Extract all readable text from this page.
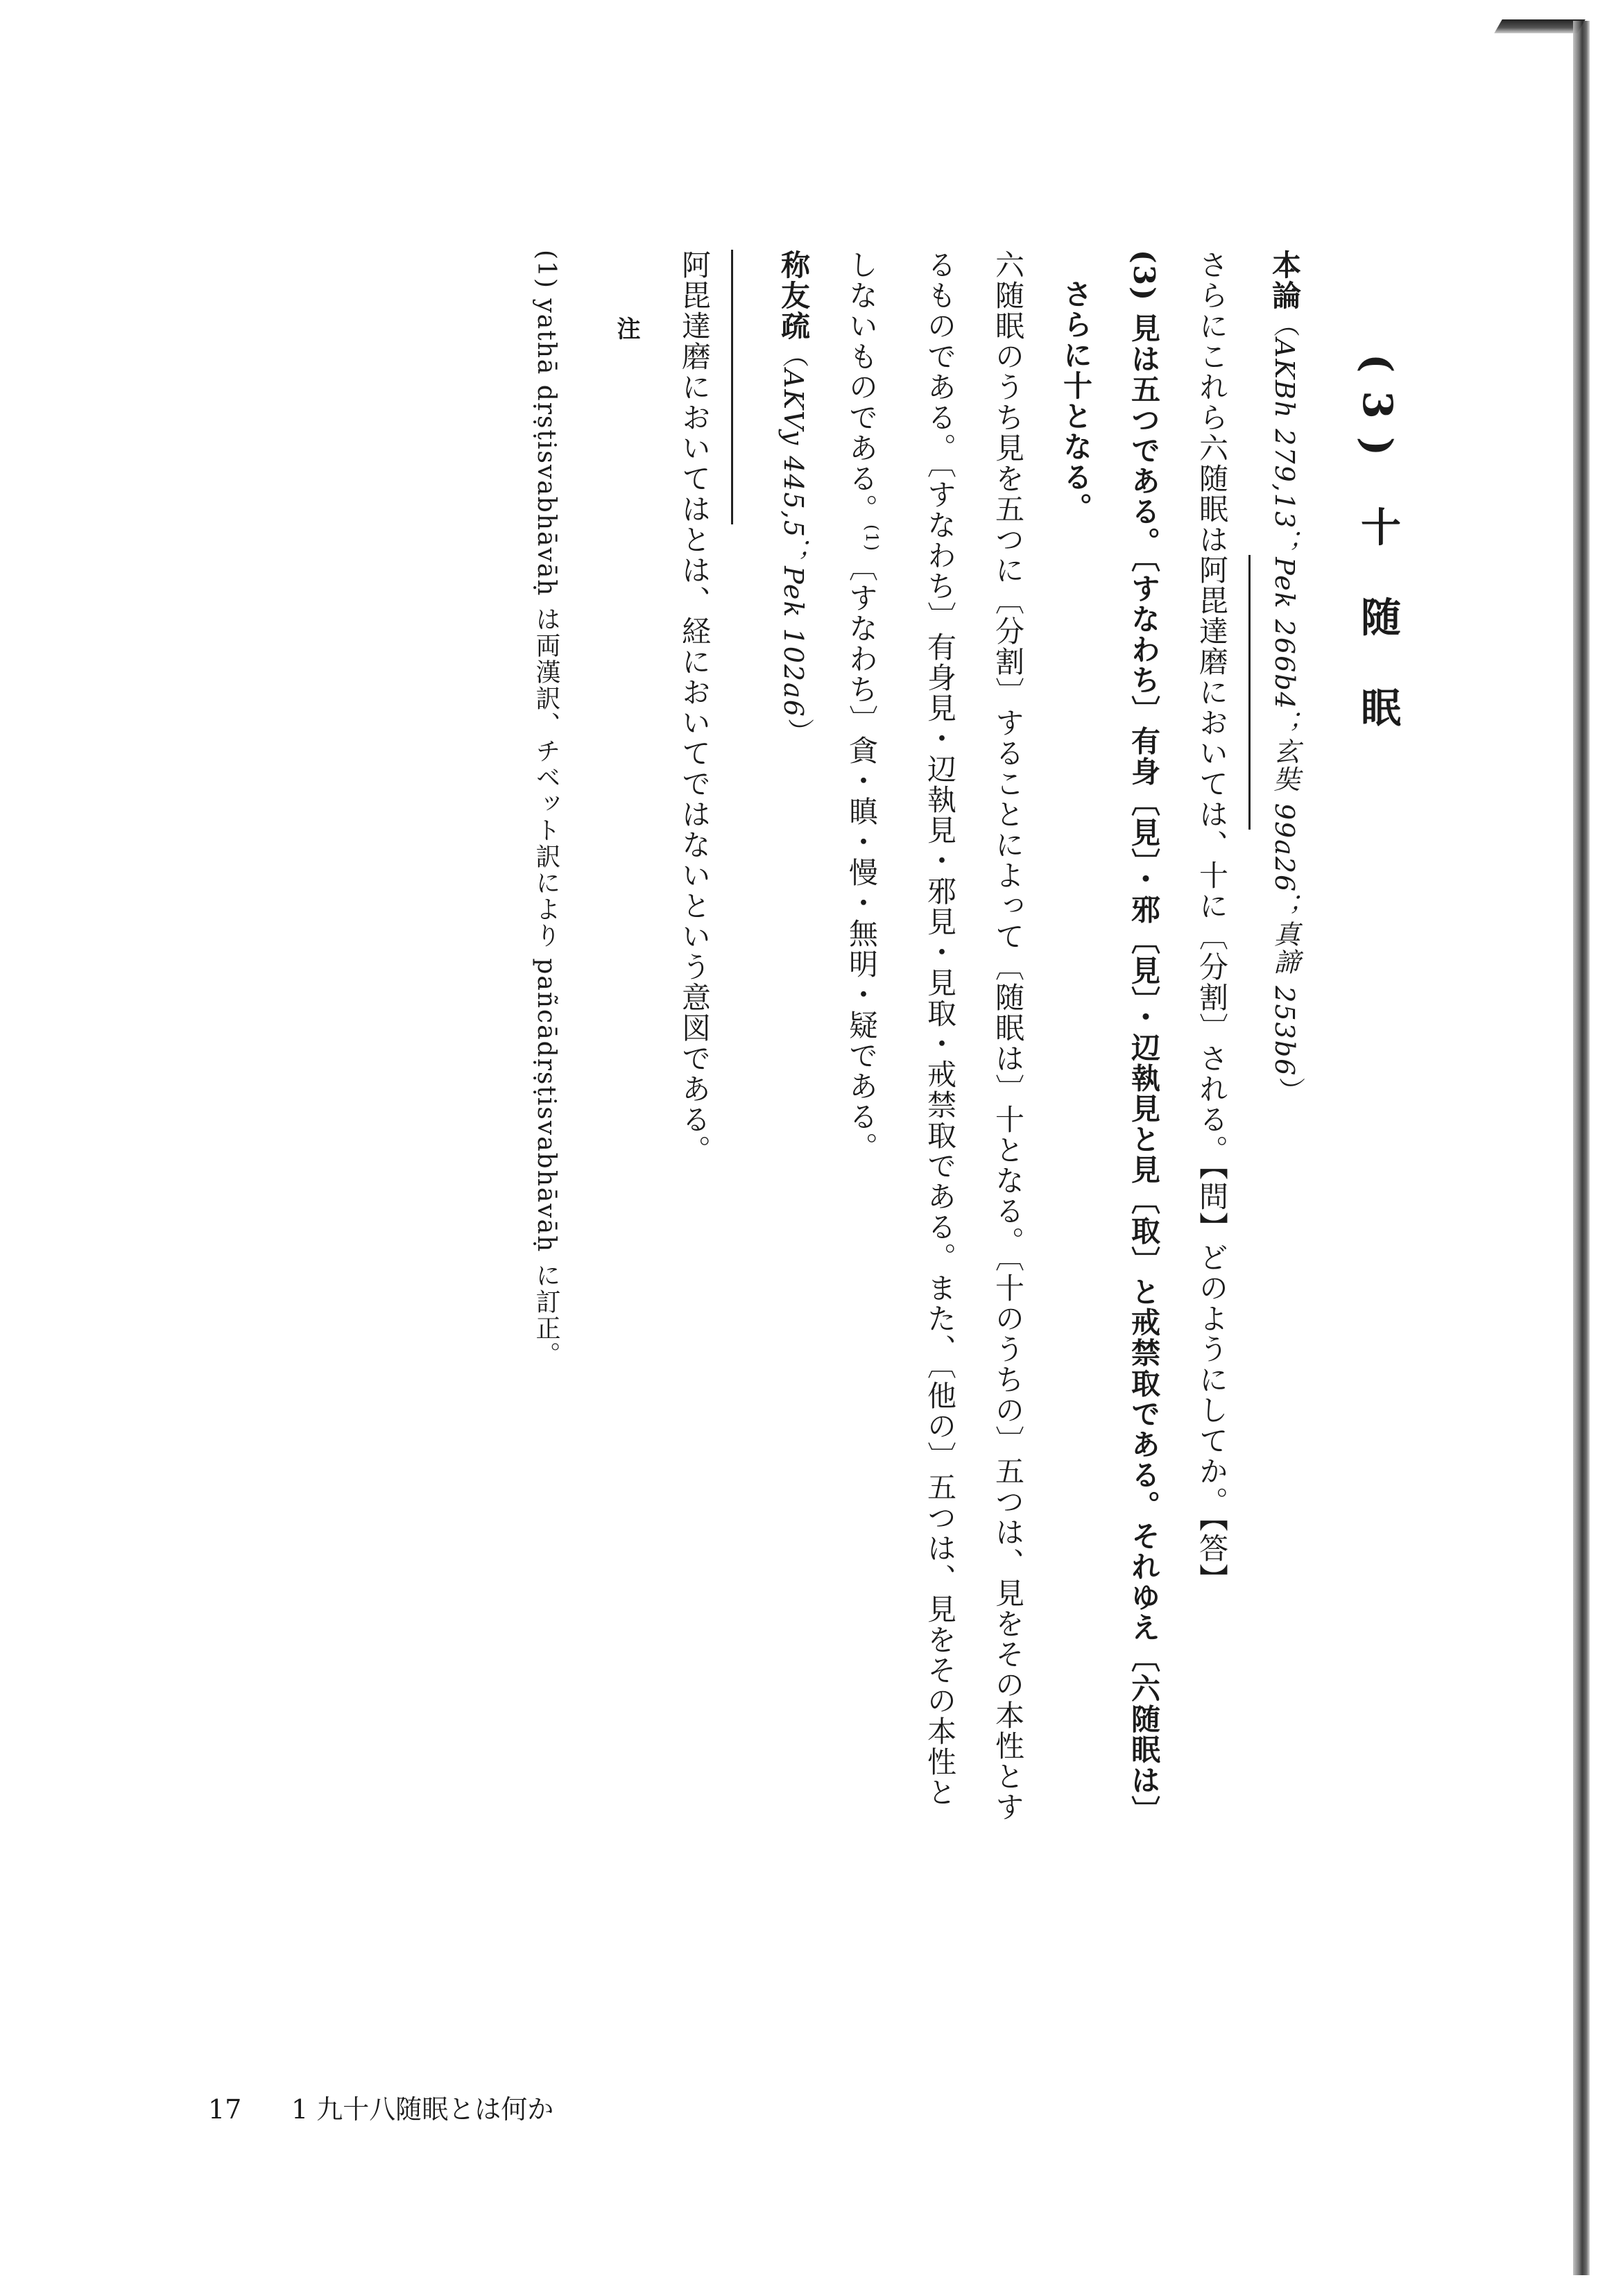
(3) 十 随 眠

本論（AKBh 279,13；Pek 266b4；玄奘 99a26；真諦 253b6）

さらにこれら六随眠は阿毘達磨においては、十に〔分割〕される。【問】どのようにしてか。【答】

(3) 見は五つである。〔すなわち〕有身〔見〕・邪〔見〕・辺執見と見〔取〕と戒禁取である。それゆえ〔六随眠は〕

さらに十となる。

六随眠のうち見を五つに〔分割〕することによって〔随眠は〕十となる。〔十のうちの〕五つは、見をその本性とす

るものである。〔すなわち〕有身見・辺執見・邪見・見取・戒禁取である。また、〔他の〕五つは、見をその本性と

しないものである。$^{(1)}$〔すなわち〕貪・瞋・慢・無明・疑である。

称友疏（AKVy 445,5；Pek 102a6）

阿毘達磨においてはとは、経においてではないという意図である。

注

(1) yathā dṛṣṭisvabhāvāḥ は両漢訳、チベット訳により pañcādṛṣṭisvabhāvāḥ に訂正。

17 1 九十八随眠とは何か
